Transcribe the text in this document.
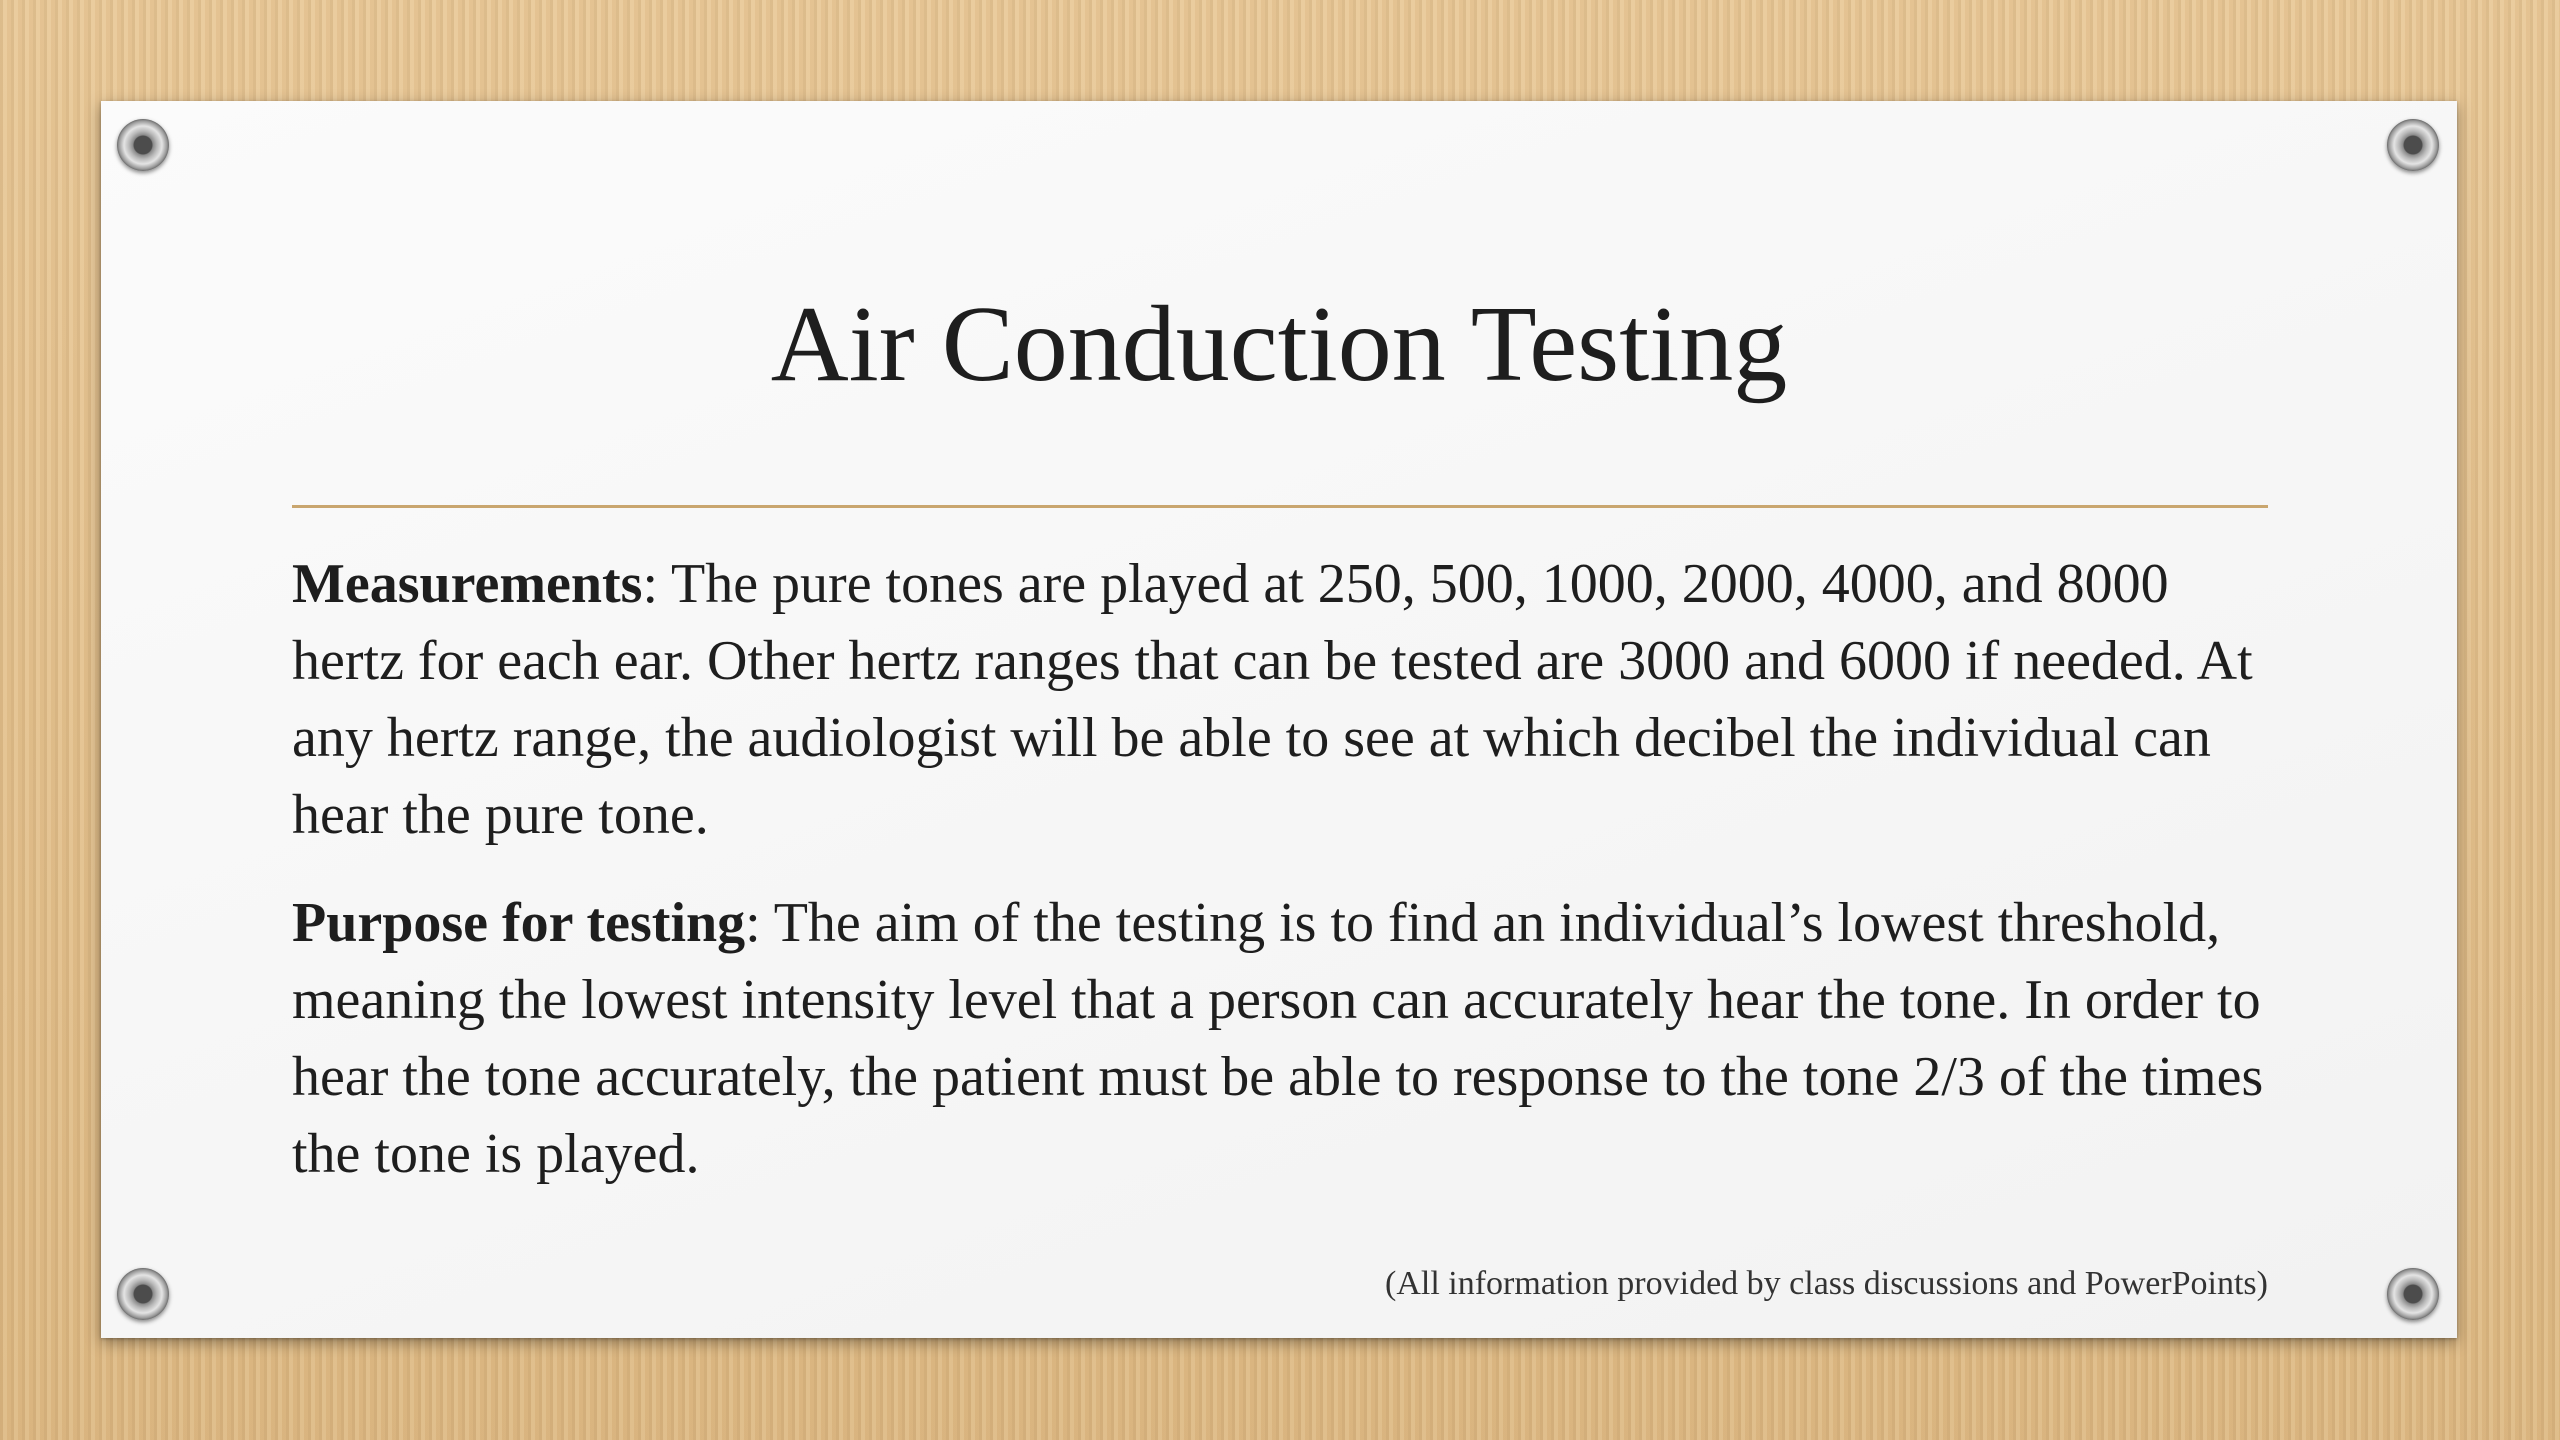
Air Conduction Testing

Measurements: The pure tones are played at 250, 500, 1000, 2000, 4000, and 8000 hertz for each ear. Other hertz ranges that can be tested are 3000 and 6000 if needed. At any hertz range, the audiologist will be able to see at which decibel the individual can hear the pure tone.

Purpose for testing: The aim of the testing is to find an individual’s lowest threshold, meaning the lowest intensity level that a person can accurately hear the tone. In order to hear the tone accurately, the patient must be able to response to the tone 2/3 of the times the tone is played.

(All information provided by class discussions and PowerPoints)
